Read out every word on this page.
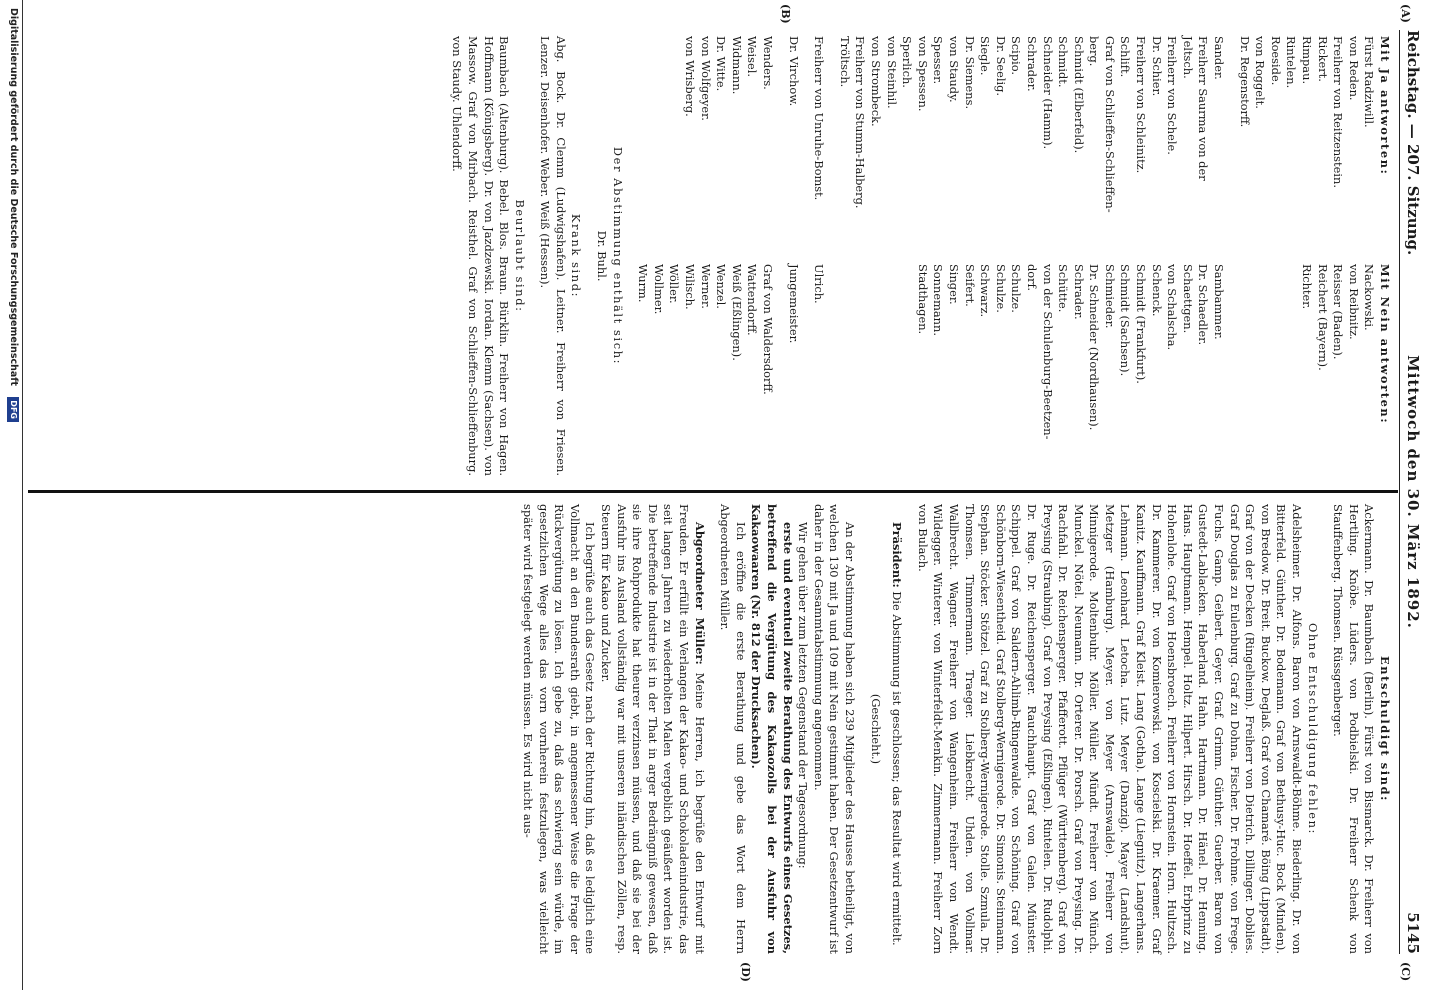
Reichstag. — 207. Sitzung.
Mittwoch den 30. März 1892.
5145
(A)
(B)
(C)
(D)
Mit Ja antworten:
Mit Nein antworten:
Fürst Radziwill.
von Reden.
Freiherr von Reitzenstein.
Rickert.
Rimpau.
Rintelen.
Roeside.
von Roggelt.
Dr. Regenstorff.
Nackowski.
von Reibnitz.
Reisser (Baden).
Reichert (Bayern).
Richter.
Sander.
Freiherr Saurma von der
Jeltsch.
Freiherr von Schele.
Dr. Schier.
Freiherr von Schleinitz.
Schlift.
Graf von Schlieffen-Schlieffen-
berg.
Schmidt (Elberfeld).
Schmidt.
Schneider (Hamm).
Schrader.
Scipio.
Dr. Seelig.
Siegle.
Dr. Siemens.
von Staudy.
Spesser.
von Spessen.
Sperlich.
von Steinhil.
von Strombeck.
Freiherr von Stumm-Halberg.
Tröltsch.
Sambammer.
Dr. Schaedler.
Schaettgen.
von Schalscha.
Schenck.
Schmidt (Frankfurt).
Schmidt (Sachsen).
Schmieder.
Dr. Schneider (Nordhausen).
Schrader.
Schütte.
von der Schulenburg-Beetzen-
dorf.
Schulze.
Schulze.
Schwarz.
Seifert.
Singer.
Sonnemann.
Stadthagen.
Freiherr von Unruhe-Bomst.
Ulrich.
Dr. Virchow.
Jungemeister.
Wenders.
Weisel.
Widmann.
Dr. Witte.
von Wolfgeyer.
von Wrisberg.
Graf von Waldersdorff.
Wattendorff.
Weiß (Eßlingen).
Wenzel.
Werner.
Wilisch.
Wöller.
Wollmer.
Wurm.
Der Abstimmung enthält sich:
Dr. Buhl.
Krank sind:

Abg. Bock. Dr. Clemm (Ludwigshafen). Leitner. Freiherr von Friesen. Lenzer. Deisenhofer. Weber. Weiß (Hessen).

Beurlaubt sind:

Baumbach (Altenburg). Bebel. Blos. Braun. Bürklin. Freiherr von Hagen. Hoffmann (Königsberg). Dr. von Jazdzewski. Iordan. Klemm (Sachsen). von Massow. Graf von Mirbach. Reisthel. Graf von Schlieffen-Schlieffenburg. von Staudy. Uhlendorff.

Entschuldigt sind:

Ackermann. Dr. Baumbach (Berlin). Fürst von Bismarck. Dr. Freiherr von Hertling. Knöbe. Lüders. von Podbielski. Dr. Freiherr Schenk von Stauffenberg. Thomsen. Rüssgenberger.

Ohne Entschuldigung fehlen:

Adelsheimer. Dr. Alfons. Baron von Arnswaldt-Böhme. Biederling. Dr. von Bitterfeld. Günther. Dr. Bodemann. Graf von Bethusy-Huc. Bock (Minden). von Bredow. Dr. Breit. Buckow. Deglaß. Graf von Chamaré. Böing (Lippstadt). Graf von der Decken (Ringelheim). Freiherr von Dietrich. Dillinger. Doblies. Graf Douglas zu Eulenburg. Graf zu Dohna. Fischer. Dr. Frohme. von Frege. Fuchs. Gamp. Geibert. Geyer. Graf. Grimm. Günther. Guerber. Baron von Gustedt-Lablacken. Haberland. Hahn. Hartmann. Dr. Hänel. Dr. Henning. Hans. Hauptmann. Hempel. Holtz. Hilpert. Hirsch. Dr. Hoeffel. Erbprinz zu Hohenlohe. Graf von Hoensbroech. Freiherr von Hornstein. Horn. Hultzsch. Dr. Kammerer. Dr. von Komierowski. von Koscielski. Dr. Kraemer. Graf Kanitz. Kauffmann. Graf Kleist. Lang (Gotha). Lange (Liegnitz). Langerhans. Lehmann. Leonhard. Letocha. Lutz. Meyer (Danzig). Mayer (Landshut). Metzger (Hamburg). Meyer. von Meyer (Arnswalde). Freiherr von Minnigerode. Moltenbuhr. Möller. Müller. Mündt. Freiherr von Münch. Munckel. Nötel. Neumann. Dr. Orterer. Dr. Porsch. Graf von Preysing. Dr. Rachfahl. Dr. Reichensperger. Pfafferott. Pflüger (Württemberg). Graf von Preysing (Straubing). Graf von Preysing (Eßlingen). Rintelen. Dr. Rudolphi. Dr. Ruge. Dr. Reichensperger. Rauchhaupt. Graf von Galen. Münster. Schippel. Graf von Saldern-Ahlimb-Ringenwalde. von Schöning. Graf von Schönborn-Wiesentheid. Graf Stolberg-Wernigerode. Dr. Simonis. Steinmann. Stephan. Stöcker. Stötzel. Graf zu Stolberg-Wernigerode. Stolle. Szmula. Dr. Thomsen. Timmermann. Traeger. Liebknecht. Uhden. von Vollmar. Wallbrecht. Wagner. Freiherr von Wangenheim. Freiherr von Wendt. Wildegger. Winterer. von Winterfeldt-Menkin. Zimmermann. Freiherr Zorn von Bulach.

Präsident: Die Abstimmung ist geschlossen; das Resultat wird ermittelt.

(Geschieht.)

An der Abstimmung haben sich 239 Mitglieder des Hauses betheiligt, von welchen 130 mit Ja und 109 mit Nein gestimmt haben. Der Gesetzentwurf ist daher in der Gesammtabstimmung angenommen.

Wir gehen über zum letzten Gegenstand der Tagesordnung:

erste und eventuell zweite Berathung des Entwurfs eines Gesetzes, betreffend die Vergütung des Kakaozolls bei der Ausfuhr von Kakaowaaren (Nr. 812 der Drucksachen).

Ich eröffne die erste Berathung und gebe das Wort dem Herrn Abgeordneten Müller.

Abgeordneter Müller: Meine Herren, ich begrüße den Entwurf mit Freuden. Er erfüllt ein Verlangen der Kakao- und Schokoladenindustrie, das seit langen Jahren zu wiederholten Malen vergeblich geäußert worden ist. Die betreffende Industrie ist in der That in arger Bedrängniß gewesen, daß sie ihre Rohprodukte hat theurer verzinsen müssen, und daß sie bei der Ausfuhr ins Ausland vollständig war mit unseren inländischen Zöllen, resp. Steuern für Kakao und Zucker.

Ich begrüße auch das Gesetz nach der Richtung hin, daß es lediglich eine Vollmacht an den Bundesrath giebt, in angemessener Weise die Frage der Rückvergütung zu lösen. Ich gebe zu, daß das schwierig sein würde, im gesetzlichen Wege alles das vorn vornherein festzulegen, was vielleicht später wird festgelegt werden müssen. Es wird nicht aus-

Digitalisierung gefördert durch die Deutsche Forschungsgemeinschaft DFG
